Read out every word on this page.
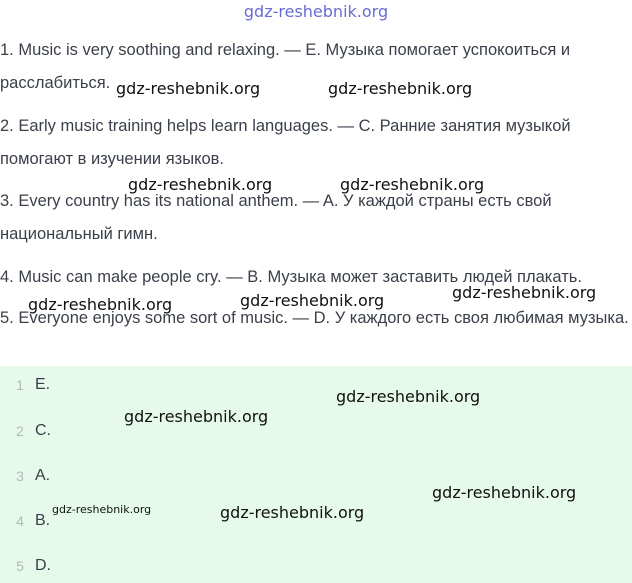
gdz-reshebnik.org
1. Music is very soothing and relaxing. — E. Музыка помогает успокоиться и расслабиться.
2. Early music training helps learn languages. — C. Ранние занятия музыкой помогают в изучении языков.
3. Every country has its national anthem. — A. У каждой страны есть свой национальный гимн.
4. Music can make people cry. — B. Музыка может заставить людей плакать.
5. Everyone enjoys some sort of music. — D. У каждого есть своя любимая музыка.
1 E.
2 C.
3 A.
4 B.
5 D.
gdz-reshebnik.org	gdz-reshebnik.org
gdz-reshebnik.org	gdz-reshebnik.org
gdz-reshebnik.org	gdz-reshebnik.org	gdz-reshebnik.org
gdz-reshebnik.org
gdz-reshebnik.org
gdz-reshebnik.org
gdz-reshebnik.org	gdz-reshebnik.org
